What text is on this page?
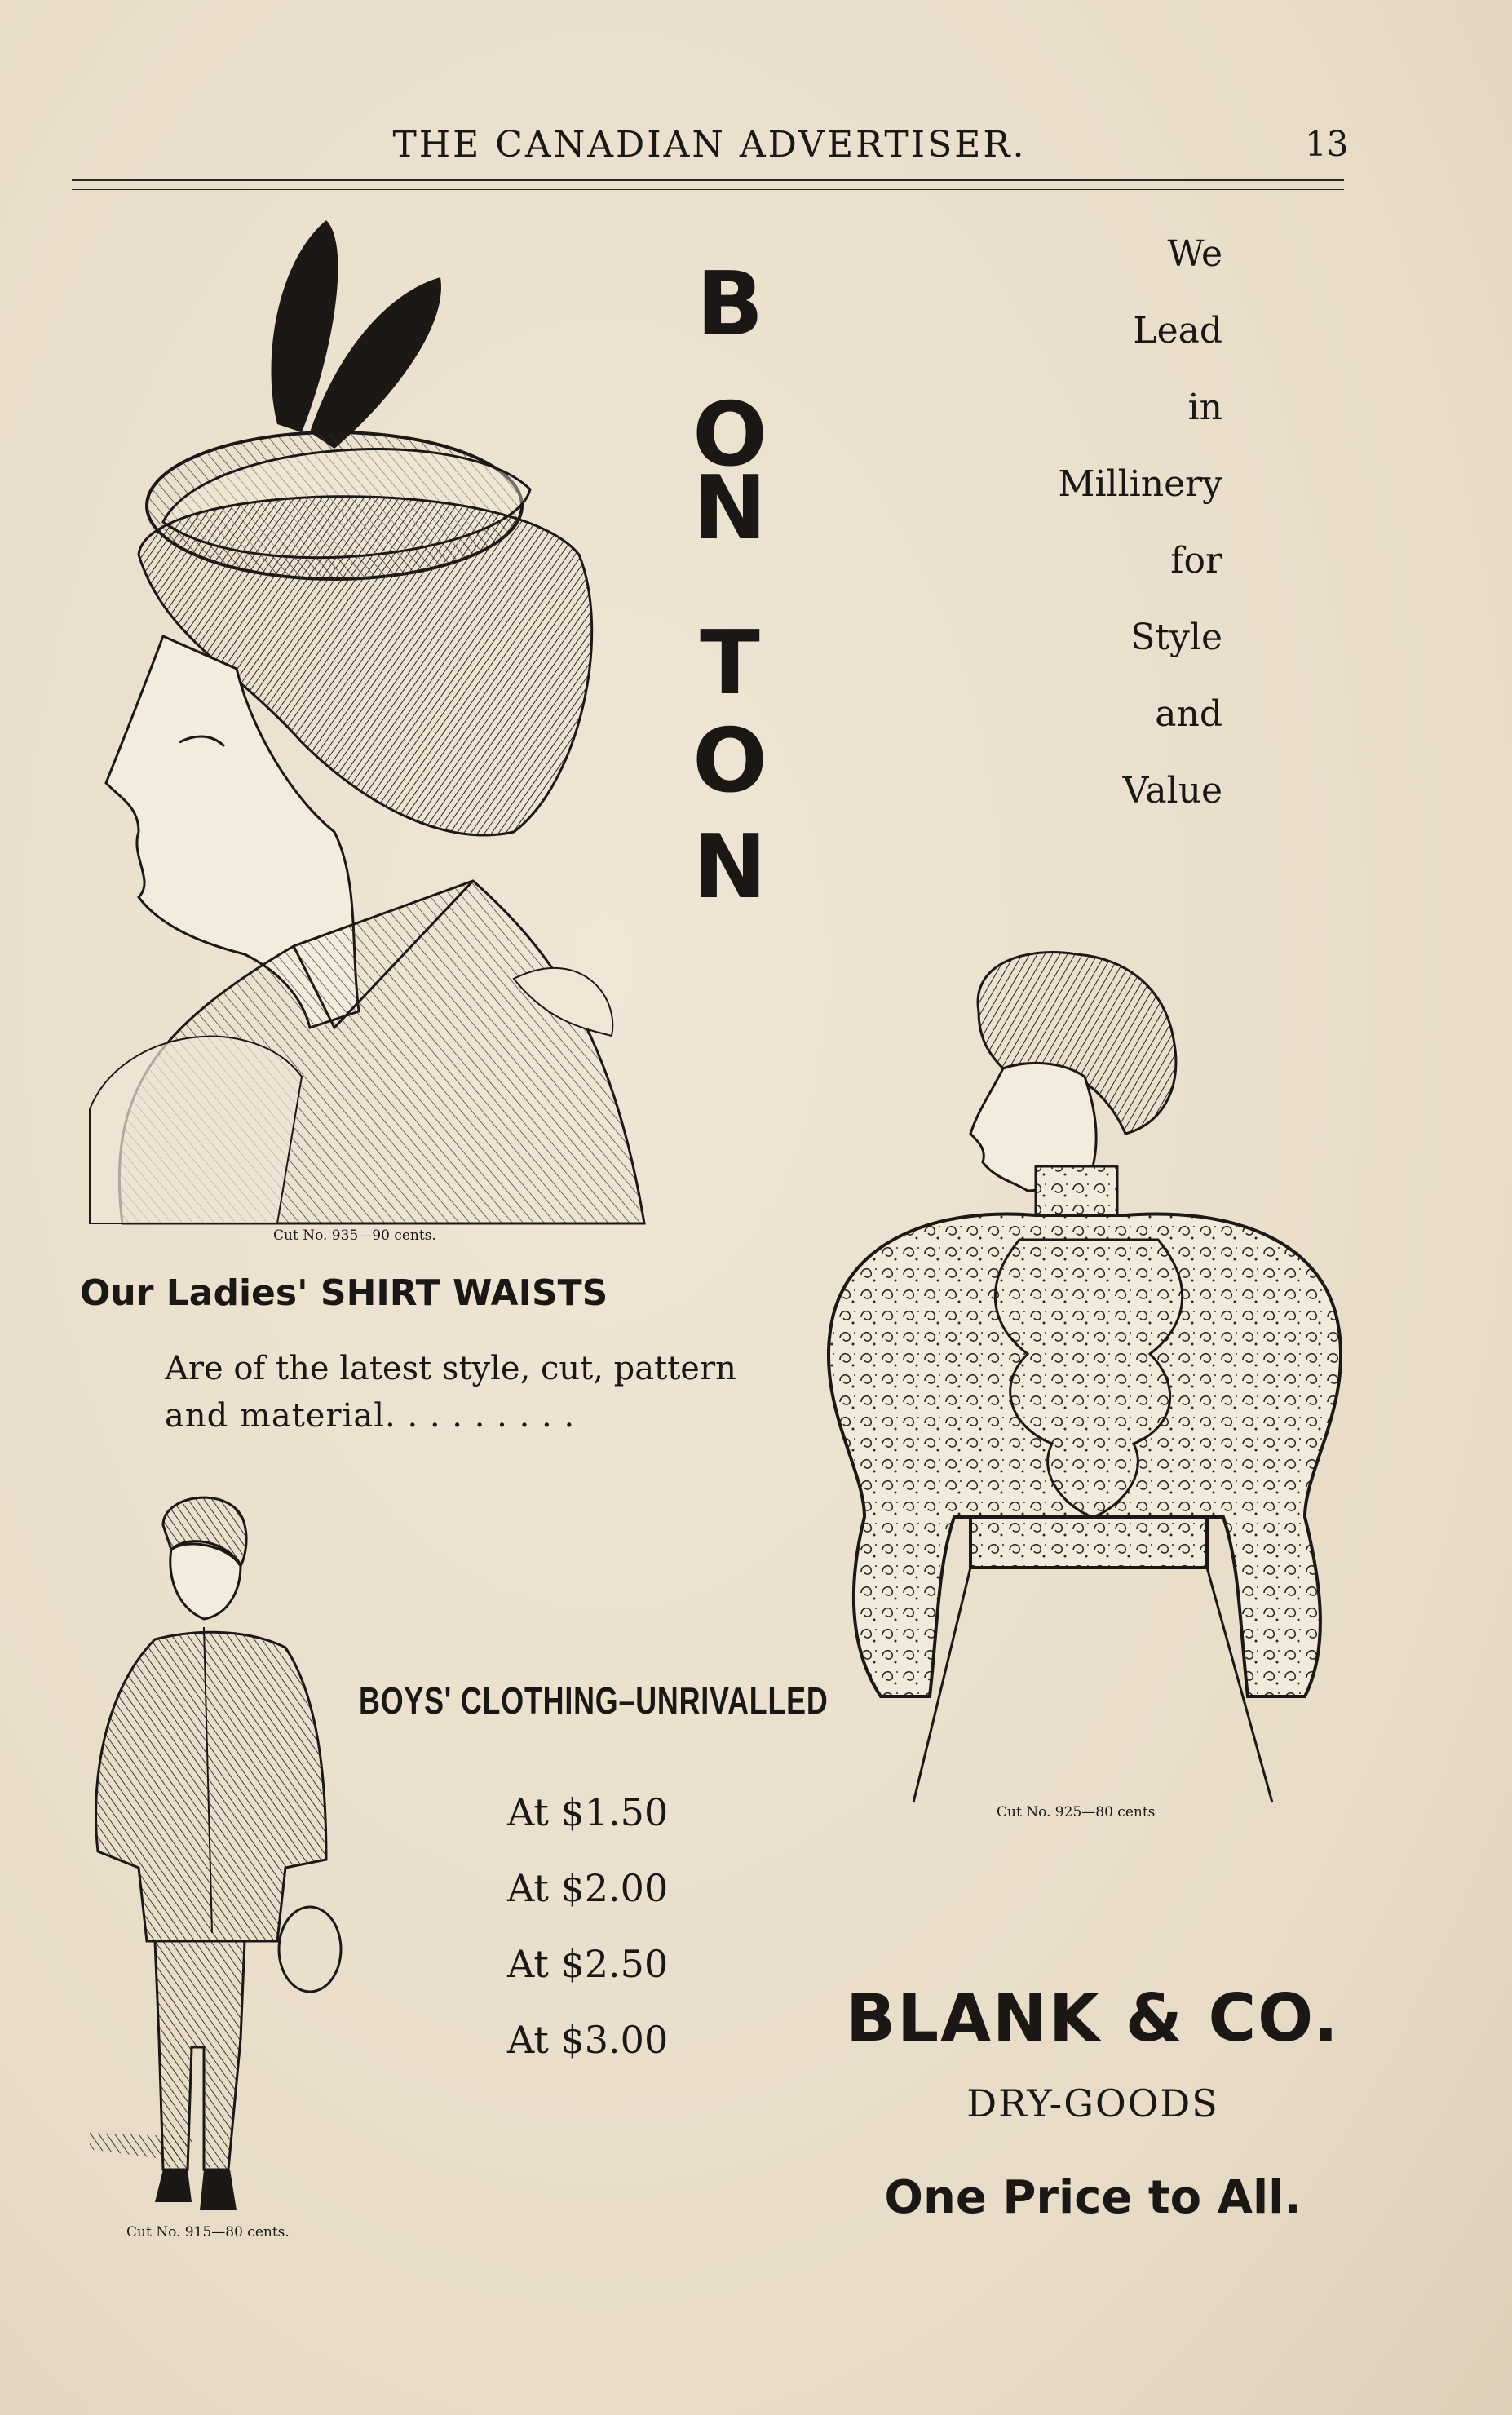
THE CANADIAN ADVERTISER.	13
Cut No. 935—90 cents.
B
O
N
T
O
N
We
Lead
in
Millinery
for
Style
and
Value
Our Ladies' SHIRT WAISTS
Are of the latest style, cut, pattern
and material. . . . . . . . .
Cut No. 925—80 cents
Cut No. 915—80 cents.
BOYS' CLOTHING–UNRIVALLED
At $1.50
At $2.00
At $2.50
At $3.00	BLANK & CO.
DRY-GOODS
One Price to All.
